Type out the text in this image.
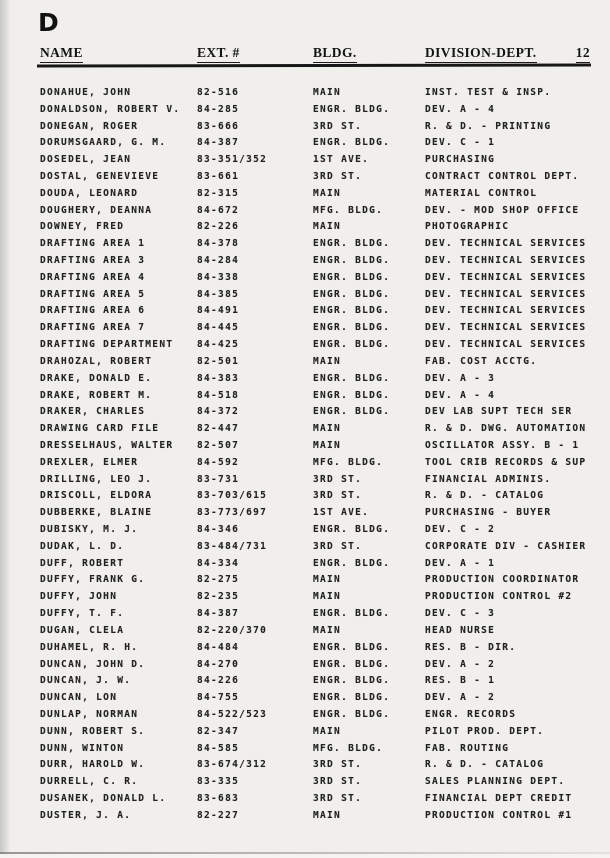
D
NAME	EXT. #	BLDG.	DIVISION-DEPT.	12
DONAHUE, JOHN	82-516	MAIN	INST. TEST & INSP.
DONALDSON, ROBERT V.	84-285	ENGR. BLDG.	DEV. A - 4
DONEGAN, ROGER	83-666	3RD ST.	R. & D. - PRINTING
DORUMSGAARD, G. M.	84-387	ENGR. BLDG.	DEV. C - 1
DOSEDEL, JEAN	83-351/352	1ST AVE.	PURCHASING
DOSTAL, GENEVIEVE	83-661	3RD ST.	CONTRACT CONTROL DEPT.
DOUDA, LEONARD	82-315	MAIN	MATERIAL CONTROL
DOUGHERY, DEANNA	84-672	MFG. BLDG.	DEV. - MOD SHOP OFFICE
DOWNEY, FRED	82-226	MAIN	PHOTOGRAPHIC
DRAFTING AREA 1	84-378	ENGR. BLDG.	DEV. TECHNICAL SERVICES
DRAFTING AREA 3	84-284	ENGR. BLDG.	DEV. TECHNICAL SERVICES
DRAFTING AREA 4	84-338	ENGR. BLDG.	DEV. TECHNICAL SERVICES
DRAFTING AREA 5	84-385	ENGR. BLDG.	DEV. TECHNICAL SERVICES
DRAFTING AREA 6	84-491	ENGR. BLDG.	DEV. TECHNICAL SERVICES
DRAFTING AREA 7	84-445	ENGR. BLDG.	DEV. TECHNICAL SERVICES
DRAFTING DEPARTMENT	84-425	ENGR. BLDG.	DEV. TECHNICAL SERVICES
DRAHOZAL, ROBERT	82-501	MAIN	FAB. COST ACCTG.
DRAKE, DONALD E.	84-383	ENGR. BLDG.	DEV. A - 3
DRAKE, ROBERT M.	84-518	ENGR. BLDG.	DEV. A - 4
DRAKER, CHARLES	84-372	ENGR. BLDG.	DEV LAB SUPT TECH SER
DRAWING CARD FILE	82-447	MAIN	R. & D. DWG. AUTOMATION
DRESSELHAUS, WALTER	82-507	MAIN	OSCILLATOR ASSY. B - 1
DREXLER, ELMER	84-592	MFG. BLDG.	TOOL CRIB RECORDS & SUP
DRILLING, LEO J.	83-731	3RD ST.	FINANCIAL ADMINIS.
DRISCOLL, ELDORA	83-703/615	3RD ST.	R. & D. - CATALOG
DUBBERKE, BLAINE	83-773/697	1ST AVE.	PURCHASING - BUYER
DUBISKY, M. J.	84-346	ENGR. BLDG.	DEV. C - 2
DUDAK, L. D.	83-484/731	3RD ST.	CORPORATE DIV - CASHIER
DUFF, ROBERT	84-334	ENGR. BLDG.	DEV. A - 1
DUFFY, FRANK G.	82-275	MAIN	PRODUCTION COORDINATOR
DUFFY, JOHN	82-235	MAIN	PRODUCTION CONTROL #2
DUFFY, T. F.	84-387	ENGR. BLDG.	DEV. C - 3
DUGAN, CLELA	82-220/370	MAIN	HEAD NURSE
DUHAMEL, R. H.	84-484	ENGR. BLDG.	RES. B - DIR.
DUNCAN, JOHN D.	84-270	ENGR. BLDG.	DEV. A - 2
DUNCAN, J. W.	84-226	ENGR. BLDG.	RES. B - 1
DUNCAN, LON	84-755	ENGR. BLDG.	DEV. A - 2
DUNLAP, NORMAN	84-522/523	ENGR. BLDG.	ENGR. RECORDS
DUNN, ROBERT S.	82-347	MAIN	PILOT PROD. DEPT.
DUNN, WINTON	84-585	MFG. BLDG.	FAB. ROUTING
DURR, HAROLD W.	83-674/312	3RD ST.	R. & D. - CATALOG
DURRELL, C. R.	83-335	3RD ST.	SALES PLANNING DEPT.
DUSANEK, DONALD L.	83-683	3RD ST.	FINANCIAL DEPT CREDIT
DUSTER, J. A.	82-227	MAIN	PRODUCTION CONTROL #1
